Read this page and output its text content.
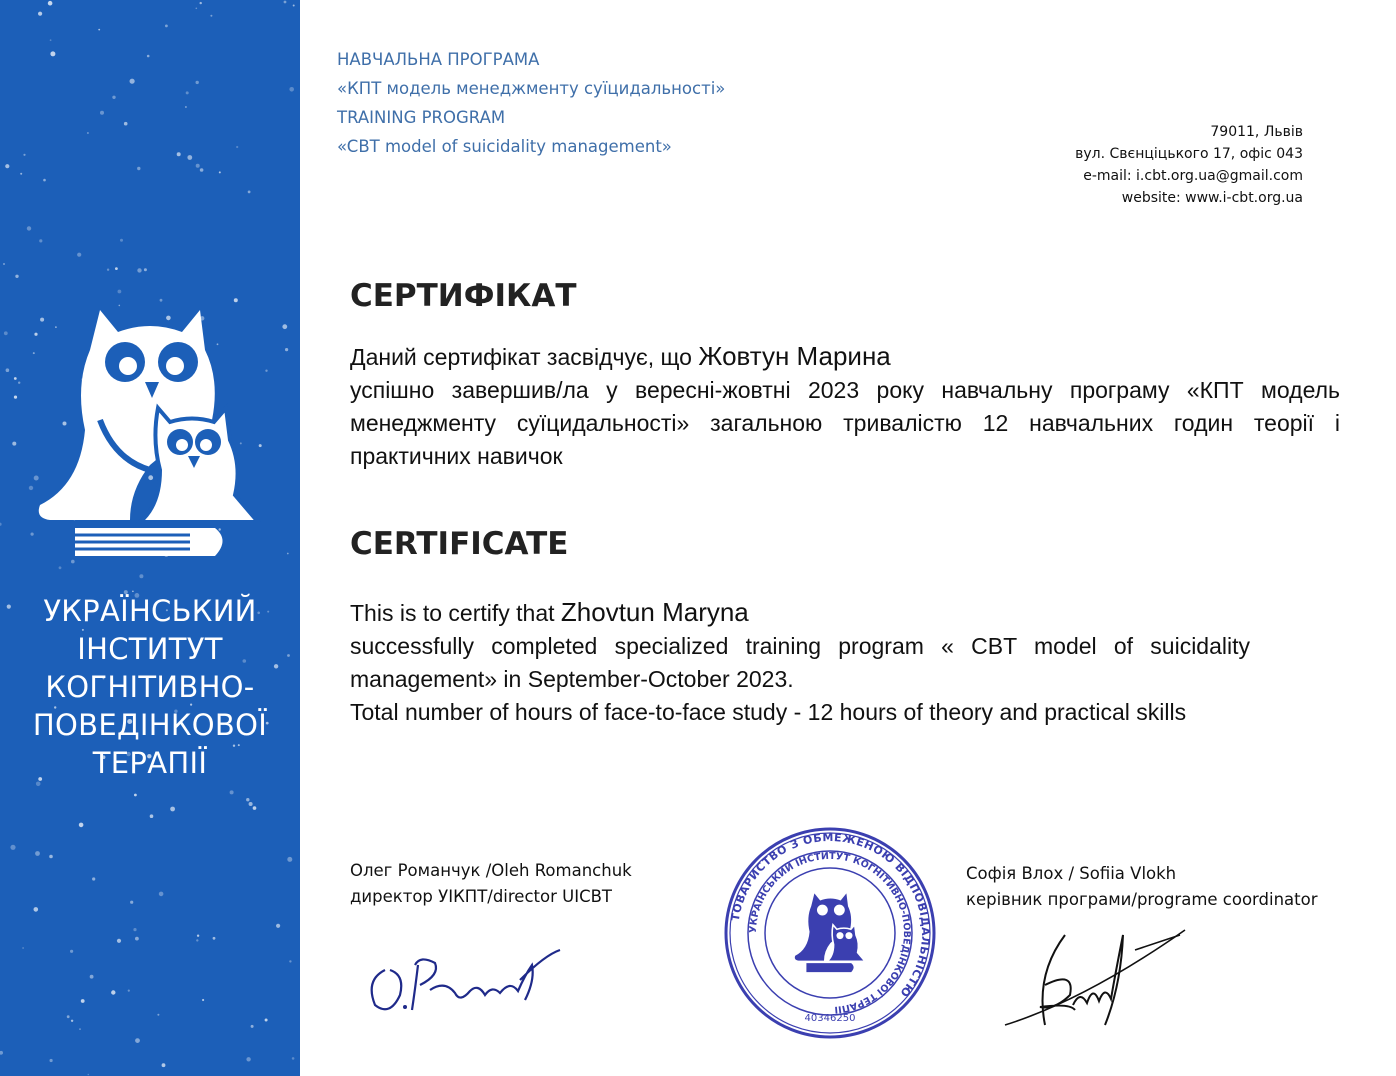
УКРАЇНСЬКИЙ
ІНСТИТУТ
КОГНІТИВНО-
ПОВЕДІНКОВОЇ
ТЕРАПІЇ
НАВЧАЛЬНА ПРОГРАМА
«КПТ модель менеджменту суїцидальності»
TRAINING PROGRAM
«CBT model of suicidality management»
79011, Львів
вул. Свєнціцького 17, офіс 043
e-mail: i.cbt.org.ua@gmail.com
website: www.i-cbt.org.ua
СЕРТИФІКАТ
Даний сертифікат засвідчує, що Жовтун Марина
успішно завершив/ла у вересні-жовтні 2023 року навчальну програму «КПТ модель менеджменту суїцидальності» загальною тривалістю 12 навчальних годин теорії і практичних навичок
CERTIFICATE
This is to certify that Zhovtun Maryna
successfully completed specialized training program « CBT model of suicidality management» in September-October 2023.
Total number of hours of face-to-face study - 12 hours of theory and practical skills
Олег Романчук /Oleh Romanchuk
директор УІКПТ/director UICBT
ТОВАРИСТВО З ОБМЕЖЕНОЮ ВІДПОВІДАЛЬНІСТЮ
УКРАЇНСЬКИЙ ІНСТИТУТ КОГНІТИВНО-ПОВЕДІНКОВОЇ ТЕРАПІЇ
40346250
Софія Влох / Sofiia Vlokh
керівник програми/programe coordinator
